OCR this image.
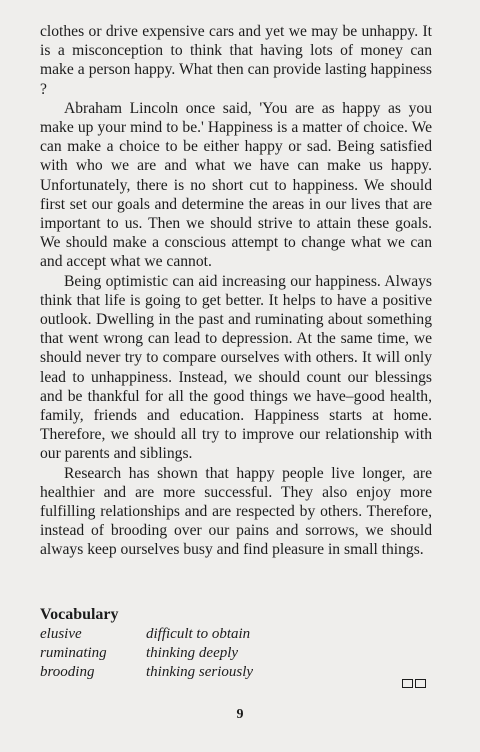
clothes or drive expensive cars and yet we may be unhappy. It is a misconception to think that having lots of money can make a person happy. What then can provide lasting happiness ?

Abraham Lincoln once said, 'You are as happy as you make up your mind to be.' Happiness is a matter of choice. We can make a choice to be either happy or sad. Being satisfied with who we are and what we have can make us happy. Unfortunately, there is no short cut to happiness. We should first set our goals and determine the areas in our lives that are important to us. Then we should strive to attain these goals. We should make a conscious attempt to change what we can and accept what we cannot.

Being optimistic can aid increasing our happiness. Always think that life is going to get better. It helps to have a positive outlook. Dwelling in the past and ruminating about something that went wrong can lead to depression. At the same time, we should never try to compare ourselves with others. It will only lead to unhappiness. Instead, we should count our blessings and be thankful for all the good things we have–good health, family, friends and education. Happiness starts at home. Therefore, we should all try to improve our relationship with our parents and siblings.

Research has shown that happy people live longer, are healthier and are more successful. They also enjoy more fulfilling relationships and are respected by others. Therefore, instead of brooding over our pains and sorrows, we should always keep ourselves busy and find pleasure in small things.

Vocabulary
elusive	difficult to obtain
ruminating	thinking deeply
brooding	thinking seriously
9
